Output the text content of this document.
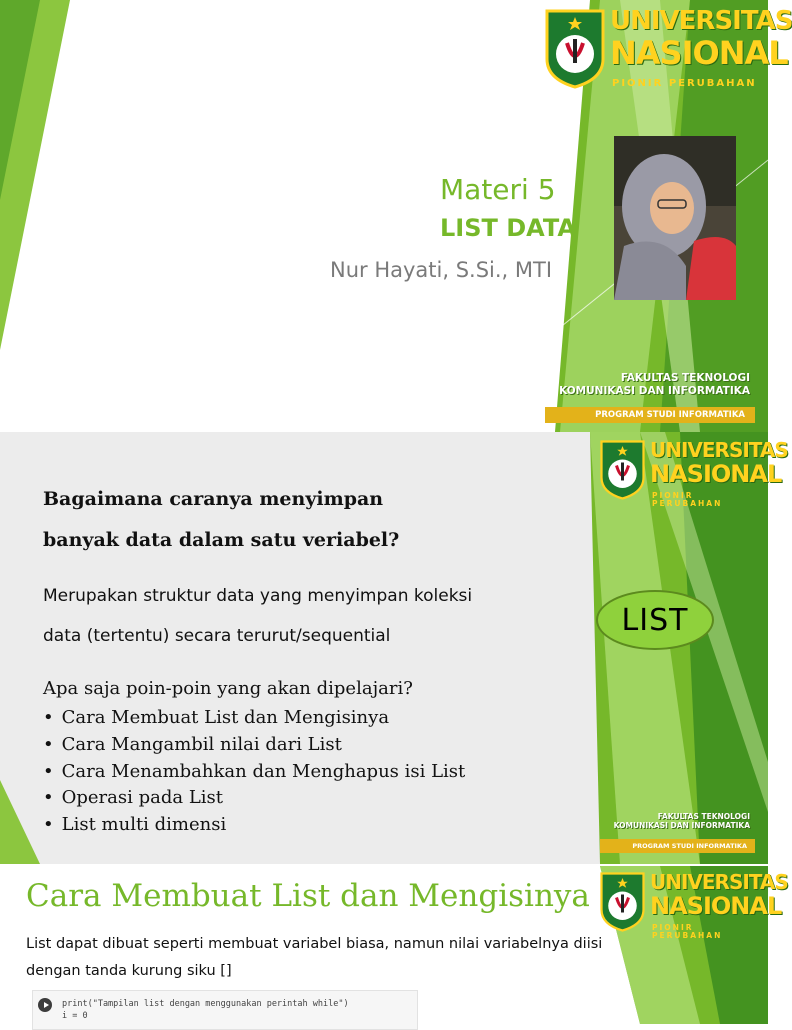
UNIVERSITAS
NASIONAL
PIONIR PERUBAHAN
Materi 5
LIST DATA
Nur Hayati, S.Si., MTI
FAKULTAS TEKNOLOGI
KOMUNIKASI DAN INFORMATIKA
PROGRAM STUDI INFORMATIKA
UNIVERSITAS
NASIONAL
PIONIR PERUBAHAN
FAKULTAS TEKNOLOGI
KOMUNIKASI DAN INFORMATIKA
PROGRAM STUDI INFORMATIKA
Bagaimana caranya menyimpan
banyak data dalam satu veriabel?
Merupakan struktur data yang menyimpan koleksi
data (tertentu) secara terurut/sequential	LIST
Apa saja poin-poin yang akan dipelajari?
• Cara Membuat List dan Mengisinya
• Cara Mangambil nilai dari List
• Cara Menambahkan dan Menghapus isi List
• Operasi pada List
• List multi dimensi
UNIVERSITAS
NASIONAL
PIONIR PERUBAHAN
Cara Membuat List dan Mengisinya
List dapat dibuat seperti membuat variabel biasa, namun nilai variabelnya diisi
dengan tanda kurung siku []
print("Tampilan list dengan menggunakan perintah while")
i = 0
